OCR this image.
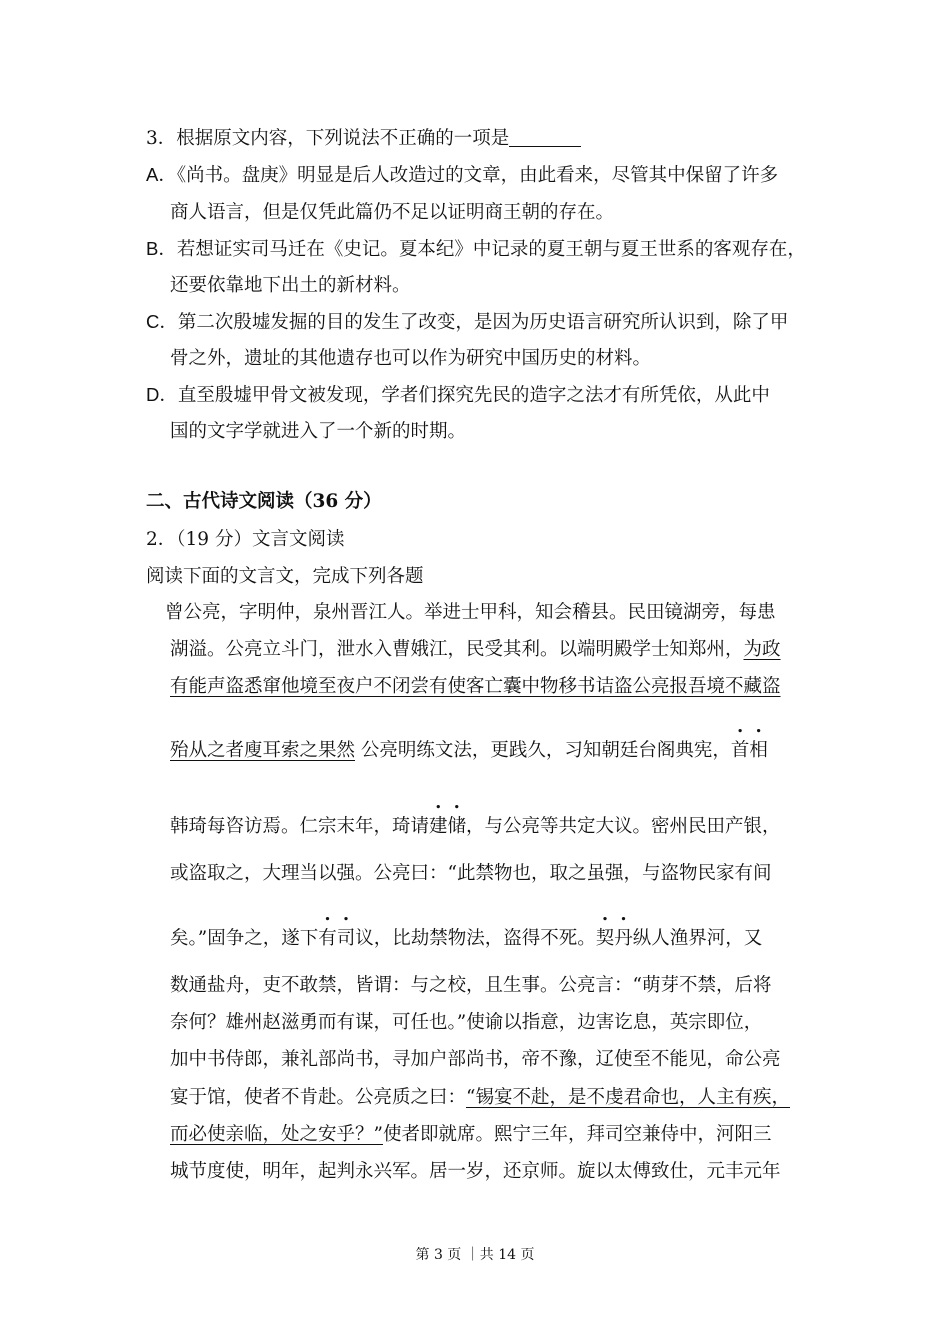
3．根据原文内容，下列说法不正确的一项是
A．《尚书。盘庚》明显是后人改造过的文章，由此看来，尽管其中保留了许多
商人语言，但是仅凭此篇仍不足以证明商王朝的存在。
B．若想证实司马迁在《史记。夏本纪》中记录的夏王朝与夏王世系的客观存在，
还要依靠地下出土的新材料。
C．第二次殷墟发掘的目的发生了改变，是因为历史语言研究所认识到，除了甲
骨之外，遗址的其他遗存也可以作为研究中国历史的材料。
D．直至殷墟甲骨文被发现，学者们探究先民的造字之法才有所凭依，从此中
国的文字学就进入了一个新的时期。
二、古代诗文阅读（36 分）
2．（19 分）文言文阅读
阅读下面的文言文，完成下列各题
曾公亮，字明仲，泉州晋江人。举进士甲科，知会稽县。民田镜湖旁，每患
湖溢。公亮立斗门，泄水入曹娥江，民受其利。以端明殿学士知郑州，为政
有能声盗悉窜他境至夜户不闭尝有使客亡囊中物移书诘盗公亮报吾境不藏盗
殆从之者廋耳索之果然 公亮明练文法，更践久，习知朝廷台阁典宪，首相
韩琦每咨访焉。仁宗末年，琦请建储，与公亮等共定大议。密州民田产银，
或盗取之，大理当以强。公亮曰：“此禁物也，取之虽强，与盗物民家有间
矣。”固争之，遂下有司议，比劫禁物法，盗得不死。契丹纵人渔界河，又
数通盐舟，吏不敢禁，皆谓：与之校，且生事。公亮言：“萌芽不禁，后将
奈何？雄州赵滋勇而有谋，可任也。”使谕以指意，边害讫息，英宗即位，
加中书侍郎，兼礼部尚书，寻加户部尚书，帝不豫，辽使至不能见，命公亮
宴于馆，使者不肯赴。公亮质之曰：“锡宴不赴，是不虔君命也，人主有疾，
而必使亲临，处之安乎？”使者即就席。熙宁三年，拜司空兼侍中，河阳三
城节度使，明年，起判永兴军。居一岁，还京师。旋以太傅致仕，元丰元年
第 3 页 ｜共 14 页
